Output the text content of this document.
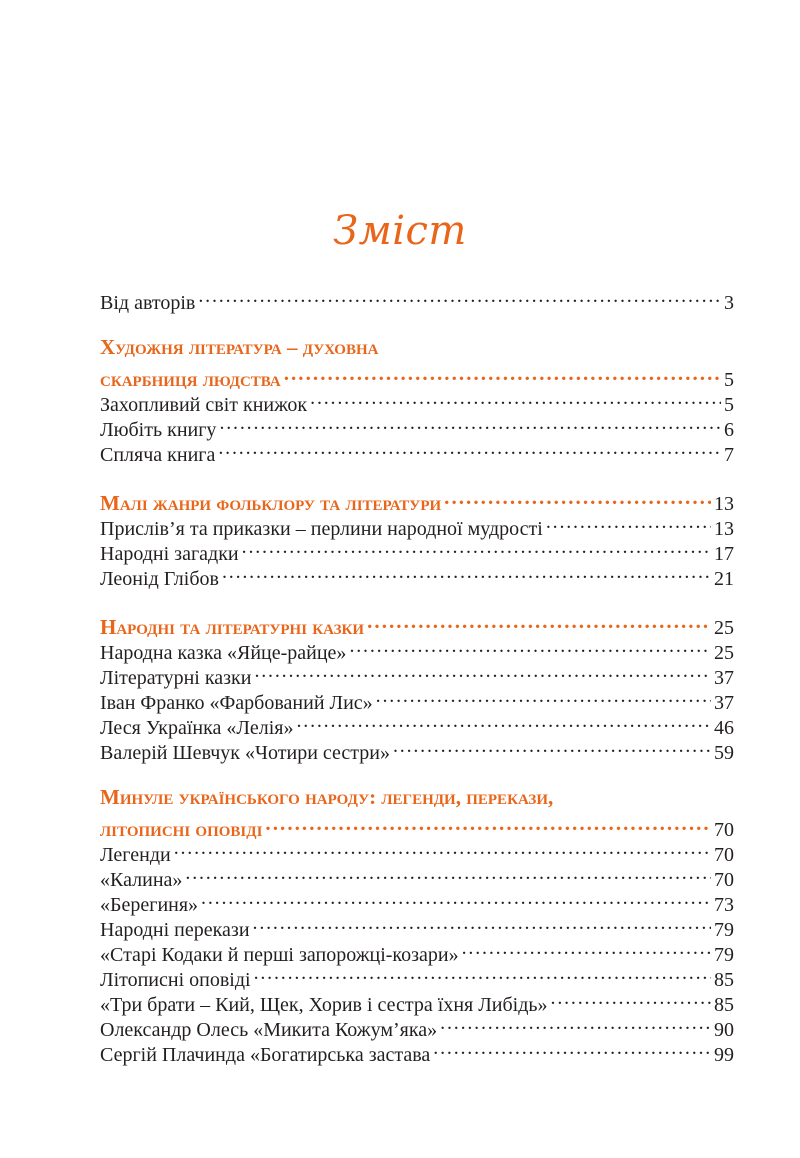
Зміст
Від авторів . . .	3
Художня література – духовна
скарбниця людства . . .	5
Захопливий світ книжок . . .	5
Любіть книгу . . .	6
Спляча книга . . .	7
Малі жанри фольклору та літератури . . .	13
Прислів’я та приказки – перлини народної мудрості . . .	13
Народні загадки . . .	17
Леонід Глібов . . .	21
Народні та літературні казки . . .	25
Народна казка «Яйце-райце» . . .	25
Літературні казки . . .	37
Іван Франко «Фарбований Лис» . . .	37
Леся Українка «Лелія» . . .	46
Валерій Шевчук «Чотири сестри» . . .	59
Минуле українського народу: легенди, перекази,
літописні оповіді . . .	70
Легенди . . .	70
«Калина» . . .	70
«Берегиня» . . .	73
Народні перекази . . .	79
«Старі Кодаки й перші запорожці-козари» . . .	79
Літописні оповіді . . .	85
«Три брати – Кий, Щек, Хорив і сестра їхня Либідь» . . .	85
Олександр Олесь «Микита Кожум’яка» . . .	90
Сергій Плачинда «Богатирська застава . . .	99
